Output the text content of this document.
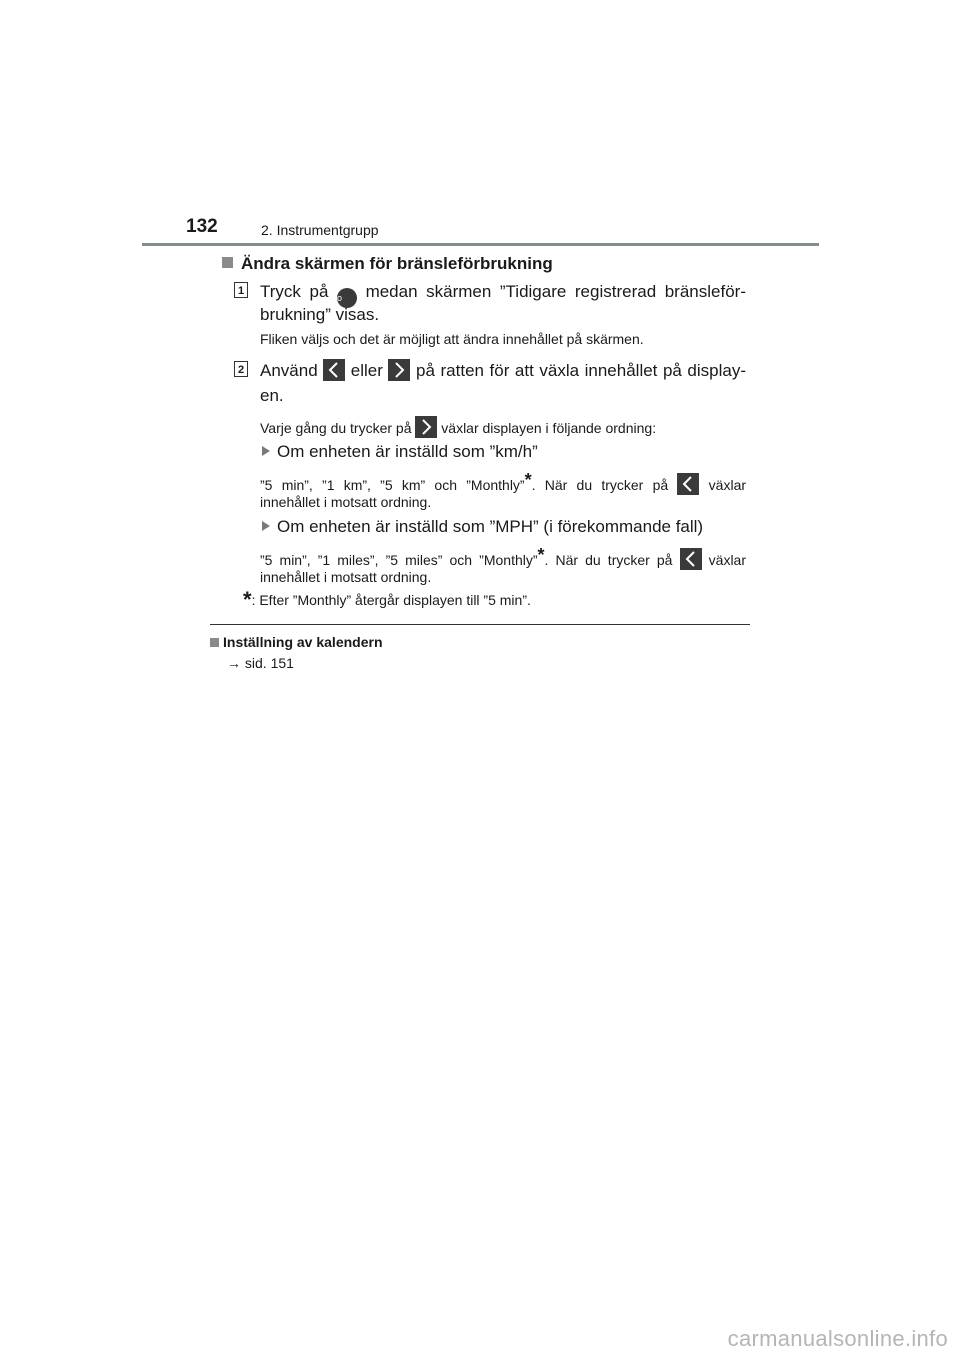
132	2. Instrumentgrupp
Ändra skärmen för bränsleförbrukning
1 Tryck på o medan skärmen ”Tidigare registrerad bränsleför-
brukning” visas.
Fliken väljs och det är möjligt att ändra innehållet på skärmen.
2 Använd eller på ratten för att växla innehållet på display-
en.
Varje gång du trycker på växlar displayen i följande ordning:
Om enheten är inställd som ”km/h”
”5 min”, ”1 km”, ”5 km” och ”Monthly”*. När du trycker på	växlar
innehållet i motsatt ordning.
Om enheten är inställd som ”MPH” (i förekommande fall)
”5 min”, ”1 miles”, ”5 miles” och ”Monthly”*. När du trycker på	växlar
innehållet i motsatt ordning.
*: Efter ”Monthly” återgår displayen till ”5 min”.
Inställning av kalendern
→ sid. 151
carmanualsonline.info
